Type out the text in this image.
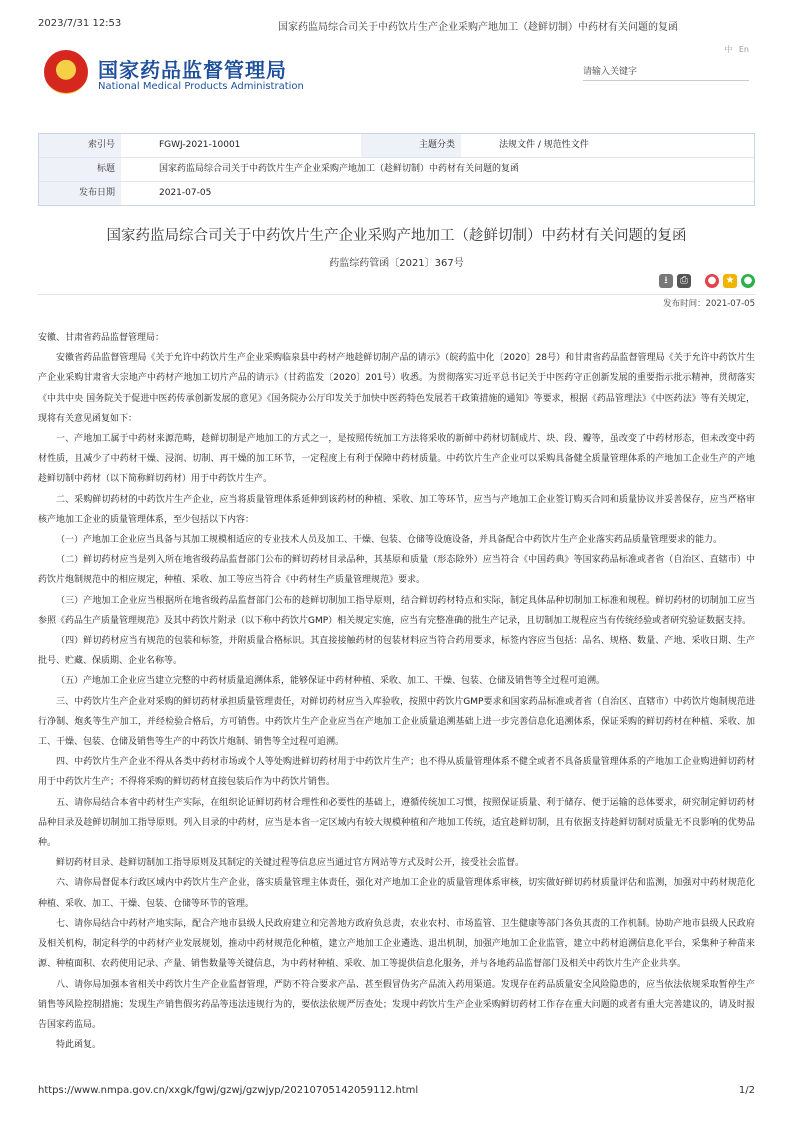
2023/7/31 12:53	国家药监局综合司关于中药饮片生产企业采购产地加工（趁鲜切制）中药材有关问题的复函
国家药品监督管理局
National Medical Products Administration
中 En
请输入关键字
索引号	FGWJ-2021-10001	主题分类	法规文件 / 规范性文件
标题	国家药监局综合司关于中药饮片生产企业采购产地加工（趁鲜切制）中药材有关问题的复函
发布日期	2021-07-05
国家药监局综合司关于中药饮片生产企业采购产地加工（趁鲜切制）中药材有关问题的复函
药监综药管函〔2021〕367号
⭳	⎙	● ★ ●
发布时间：2021-07-05

安徽、甘肃省药品监督管理局：

安徽省药品监督管理局《关于允许中药饮片生产企业采购临泉县中药材产地趁鲜切制产品的请示》（皖药监中化〔2020〕28号）和甘肃省药品监督管理局《关于允许中药饮片生产企业采购甘肃省大宗地产中药材产地加工切片产品的请示》（甘药监发〔2020〕201号）收悉。为贯彻落实习近平总书记关于中医药守正创新发展的重要指示批示精神，贯彻落实《中共中央 国务院关于促进中医药传承创新发展的意见》《国务院办公厅印发关于加快中医药特色发展若干政策措施的通知》等要求，根据《药品管理法》《中医药法》等有关规定，现将有关意见函复如下：

一、产地加工属于中药材来源范畴，趁鲜切制是产地加工的方式之一，是按照传统加工方法将采收的新鲜中药材切制成片、块、段、瓣等，虽改变了中药材形态，但未改变中药材性质，且减少了中药材干燥、浸润、切制、再干燥的加工环节，一定程度上有利于保障中药材质量。中药饮片生产企业可以采购具备健全质量管理体系的产地加工企业生产的产地趁鲜切制中药材（以下简称鲜切药材）用于中药饮片生产。

二、采购鲜切药材的中药饮片生产企业，应当将质量管理体系延伸到该药材的种植、采收、加工等环节，应当与产地加工企业签订购买合同和质量协议并妥善保存，应当严格审核产地加工企业的质量管理体系，至少包括以下内容：

（一）产地加工企业应当具备与其加工规模相适应的专业技术人员及加工、干燥、包装、仓储等设施设备，并具备配合中药饮片生产企业落实药品质量管理要求的能力。

（二）鲜切药材应当是列入所在地省级药品监督部门公布的鲜切药材目录品种，其基原和质量（形态除外）应当符合《中国药典》等国家药品标准或者省（自治区、直辖市）中药饮片炮制规范中的相应规定，种植、采收、加工等应当符合《中药材生产质量管理规范》要求。

（三）产地加工企业应当根据所在地省级药品监督部门公布的趁鲜切制加工指导原则，结合鲜切药材特点和实际，制定具体品种切制加工标准和规程。鲜切药材的切制加工应当参照《药品生产质量管理规范》及其中药饮片附录（以下称中药饮片GMP）相关规定实施，应当有完整准确的批生产记录，且切制加工规程应当有传统经验或者研究验证数据支持。

（四）鲜切药材应当有规范的包装和标签，并附质量合格标识。其直接接触药材的包装材料应当符合药用要求，标签内容应当包括：品名、规格、数量、产地、采收日期、生产批号、贮藏、保质期、企业名称等。

（五）产地加工企业应当建立完整的中药材质量追溯体系，能够保证中药材种植、采收、加工、干燥、包装、仓储及销售等全过程可追溯。

三、中药饮片生产企业对采购的鲜切药材承担质量管理责任，对鲜切药材应当入库验收，按照中药饮片GMP要求和国家药品标准或者省（自治区、直辖市）中药饮片炮制规范进行净制、炮炙等生产加工，并经检验合格后，方可销售。中药饮片生产企业应当在产地加工企业质量追溯基础上进一步完善信息化追溯体系，保证采购的鲜切药材在种植、采收、加工、干燥、包装、仓储及销售等生产的中药饮片炮制、销售等全过程可追溯。

四、中药饮片生产企业不得从各类中药材市场或个人等处购进鲜切药材用于中药饮片生产；也不得从质量管理体系不健全或者不具备质量管理体系的产地加工企业购进鲜切药材用于中药饮片生产；不得将采购的鲜切药材直接包装后作为中药饮片销售。

五、请你局结合本省中药材生产实际，在组织论证鲜切药材合理性和必要性的基础上，遵循传统加工习惯，按照保证质量、利于储存、便于运输的总体要求，研究制定鲜切药材品种目录及趁鲜切制加工指导原则。列入目录的中药材，应当是本省一定区域内有较大规模种植和产地加工传统，适宜趁鲜切制，且有依据支持趁鲜切制对质量无不良影响的优势品种。

鲜切药材目录、趁鲜切制加工指导原则及其制定的关键过程等信息应当通过官方网站等方式及时公开，接受社会监督。

六、请你局督促本行政区域内中药饮片生产企业，落实质量管理主体责任，强化对产地加工企业的质量管理体系审核，切实做好鲜切药材质量评估和监测，加强对中药材规范化种植、采收、加工、干燥、包装、仓储等环节的管理。

七、请你局结合中药材产地实际，配合产地市县级人民政府建立和完善地方政府负总责，农业农村、市场监管、卫生健康等部门各负其责的工作机制。协助产地市县级人民政府及相关机构，制定科学的中药材产业发展规划，推动中药材规范化种植，建立产地加工企业遴选、退出机制，加强产地加工企业监管，建立中药材追溯信息化平台，采集种子种苗来源、种植面积、农药使用记录、产量、销售数量等关键信息，为中药材种植、采收、加工等提供信息化服务，并与各地药品监督部门及相关中药饮片生产企业共享。

八、请你局加强本省相关中药饮片生产企业监督管理，严防不符合要求产品、甚至假冒伪劣产品流入药用渠道。发现存在药品质量安全风险隐患的，应当依法依规采取暂停生产销售等风险控制措施；发现生产销售假劣药品等违法违规行为的，要依法依规严厉查处；发现中药饮片生产企业采购鲜切药材工作存在重大问题的或者有重大完善建议的，请及时报告国家药监局。

特此函复。

https://www.nmpa.gov.cn/xxgk/fgwj/gzwj/gzwjyp/20210705142059112.html	1/2
